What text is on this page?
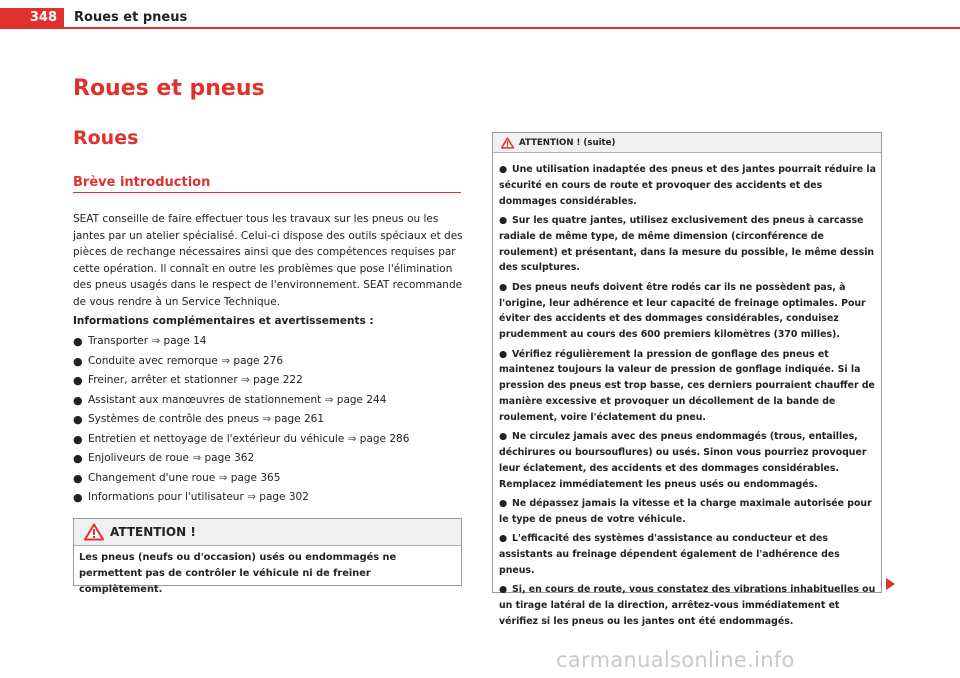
348	Roues et pneus
Roues et pneus
Roues
Brève introduction

SEAT conseille de faire effectuer tous les travaux sur les pneus ou les jantes par un atelier spécialisé. Celui-ci dispose des outils spéciaux et des pièces de rechange nécessaires ainsi que des compétences requises par cette opération. Il connaît en outre les problèmes que pose l'élimination des pneus usagés dans le respect de l'environnement. SEAT recommande de vous rendre à un Service Technique.

Informations complémentaires et avertissements :
● Transporter
⇒
page 14
● Conduite avec remorque
⇒
page 276
● Freiner, arrêter et stationner
⇒
page 222
● Assistant aux manœuvres de stationnement
⇒
page 244
● Systèmes de contrôle des pneus
⇒
page 261
● Entretien et nettoyage de l'extérieur du véhicule
⇒
page 286
● Enjoliveurs de roue
⇒
page 362
● Changement d'une roue
⇒
page 365
● Informations pour l'utilisateur
⇒
page 302
ATTENTION !

Les pneus (neufs ou d'occasion) usés ou endommagés ne permettent pas de contrôler le véhicule ni de freiner complètement.

ATTENTION ! (suite)
● Une utilisation inadaptée des pneus et des jantes pourrait réduire la sécurité en cours de route et provoquer des accidents et des dommages considérables.
● Sur les quatre jantes, utilisez exclusivement des pneus à carcasse radiale de même type, de même dimension (circonférence de roulement) et présentant, dans la mesure du possible, le même dessin des sculptures.
● Des pneus neufs doivent être rodés car ils ne possèdent pas, à l'origine, leur adhérence et leur capacité de freinage optimales. Pour éviter des accidents et des dommages considérables, conduisez prudemment au cours des 600 premiers kilomètres (370 milles).
● Vérifiez régulièrement la pression de gonflage des pneus et maintenez toujours la valeur de pression de gonflage indiquée. Si la pression des pneus est trop basse, ces derniers pourraient chauffer de manière excessive et provoquer un décollement de la bande de roulement, voire l'éclatement du pneu.
● Ne circulez jamais avec des pneus endommagés (trous, entailles, déchirures ou boursouflures) ou usés. Sinon vous pourriez provoquer leur éclatement, des accidents et des dommages considérables. Remplacez immédiatement les pneus usés ou endommagés.
● Ne dépassez jamais la vitesse et la charge maximale autorisée pour le type de pneus de votre véhicule.
● L'efficacité des systèmes d'assistance au conducteur et des assistants au freinage dépendent également de l'adhérence des pneus.
● Si, en cours de route, vous constatez des vibrations inhabituelles ou un tirage latéral de la direction, arrêtez-vous immédiatement et vérifiez si les pneus ou les jantes ont été endommagés.
carmanualsonline.info
